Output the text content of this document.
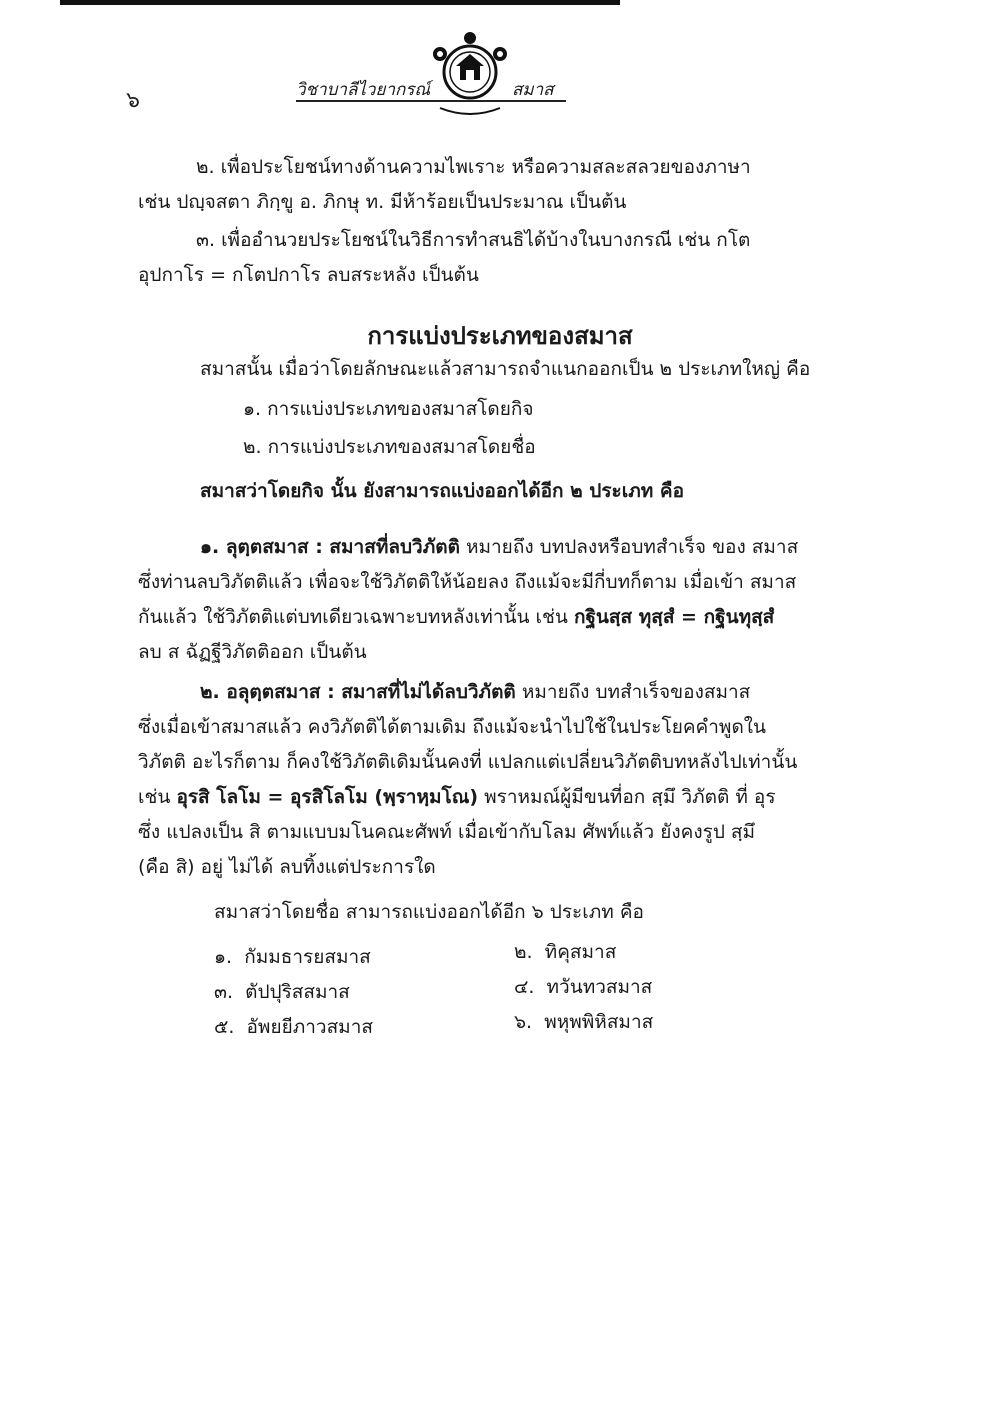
๖	วิชาบาลีไวยากรณ์	สมาส
๒. เพื่อประโยชน์ทางด้านความไพเราะ หรือความสละสลวยของภาษา
เช่น ปญฺจสตา ภิกฺขู อ. ภิกษุ ท. มีห้าร้อยเป็นประมาณ เป็นต้น
๓. เพื่ออำนวยประโยชน์ในวิธีการทำสนธิได้บ้างในบางกรณี เช่น กโต
อุปกาโร = กโตปกาโร ลบสระหลัง เป็นต้น
การแบ่งประเภทของสมาส
สมาสนั้น เมื่อว่าโดยลักษณะแล้วสามารถจำแนกออกเป็น ๒ ประเภทใหญ่ คือ
๑. การแบ่งประเภทของสมาสโดยกิจ
๒. การแบ่งประเภทของสมาสโดยชื่อ
สมาสว่าโดยกิจ นั้น ยังสามารถแบ่งออกได้อีก ๒ ประเภท คือ
๑. ลุตฺตสมาส : สมาสที่ลบวิภัตติ หมายถึง บทปลงหรือบทสำเร็จ ของ สมาส
ซึ่งท่านลบวิภัตติแล้ว เพื่อจะใช้วิภัตติให้น้อยลง ถึงแม้จะมีกี่บทก็ตาม เมื่อเข้า สมาส
กันแล้ว ใช้วิภัตติแต่บทเดียวเฉพาะบทหลังเท่านั้น เช่น กฐินสฺส ทุสฺสํ = กฐินทุสฺสํ
ลบ ส ฉัฏฐีวิภัตติออก เป็นต้น
๒. อลุตฺตสมาส : สมาสที่ไม่ได้ลบวิภัตติ หมายถึง บทสำเร็จของสมาส
ซึ่งเมื่อเข้าสมาสแล้ว คงวิภัตติได้ตามเดิม ถึงแม้จะนำไปใช้ในประโยคคำพูดใน
วิภัตติ อะไรก็ตาม ก็คงใช้วิภัตติเดิมนั้นคงที่ แปลกแต่เปลี่ยนวิภัตติบทหลังไปเท่านั้น
เช่น อุรสิ โลโม = อุรสิโลโม (พฺราหฺมโณ) พราหมณ์ผู้มีขนที่อก สฺมึ วิภัตติ ที่ อุร
ซึ่ง แปลงเป็น สิ ตามแบบมโนคณะศัพท์ เมื่อเข้ากับโลม ศัพท์แล้ว ยังคงรูป สฺมึ
(คือ สิ) อยู่ ไม่ได้ ลบทิ้งแต่ประการใด
สมาสว่าโดยชื่อ สามารถแบ่งออกได้อีก ๖ ประเภท คือ
๑. กัมมธารยสมาส	๒. ทิคุสมาส
๓. ตัปปุริสสมาส	๔. ทวันทวสมาส
๕. อัพยยีภาวสมาส	๖. พหุพพิหิสมาส
